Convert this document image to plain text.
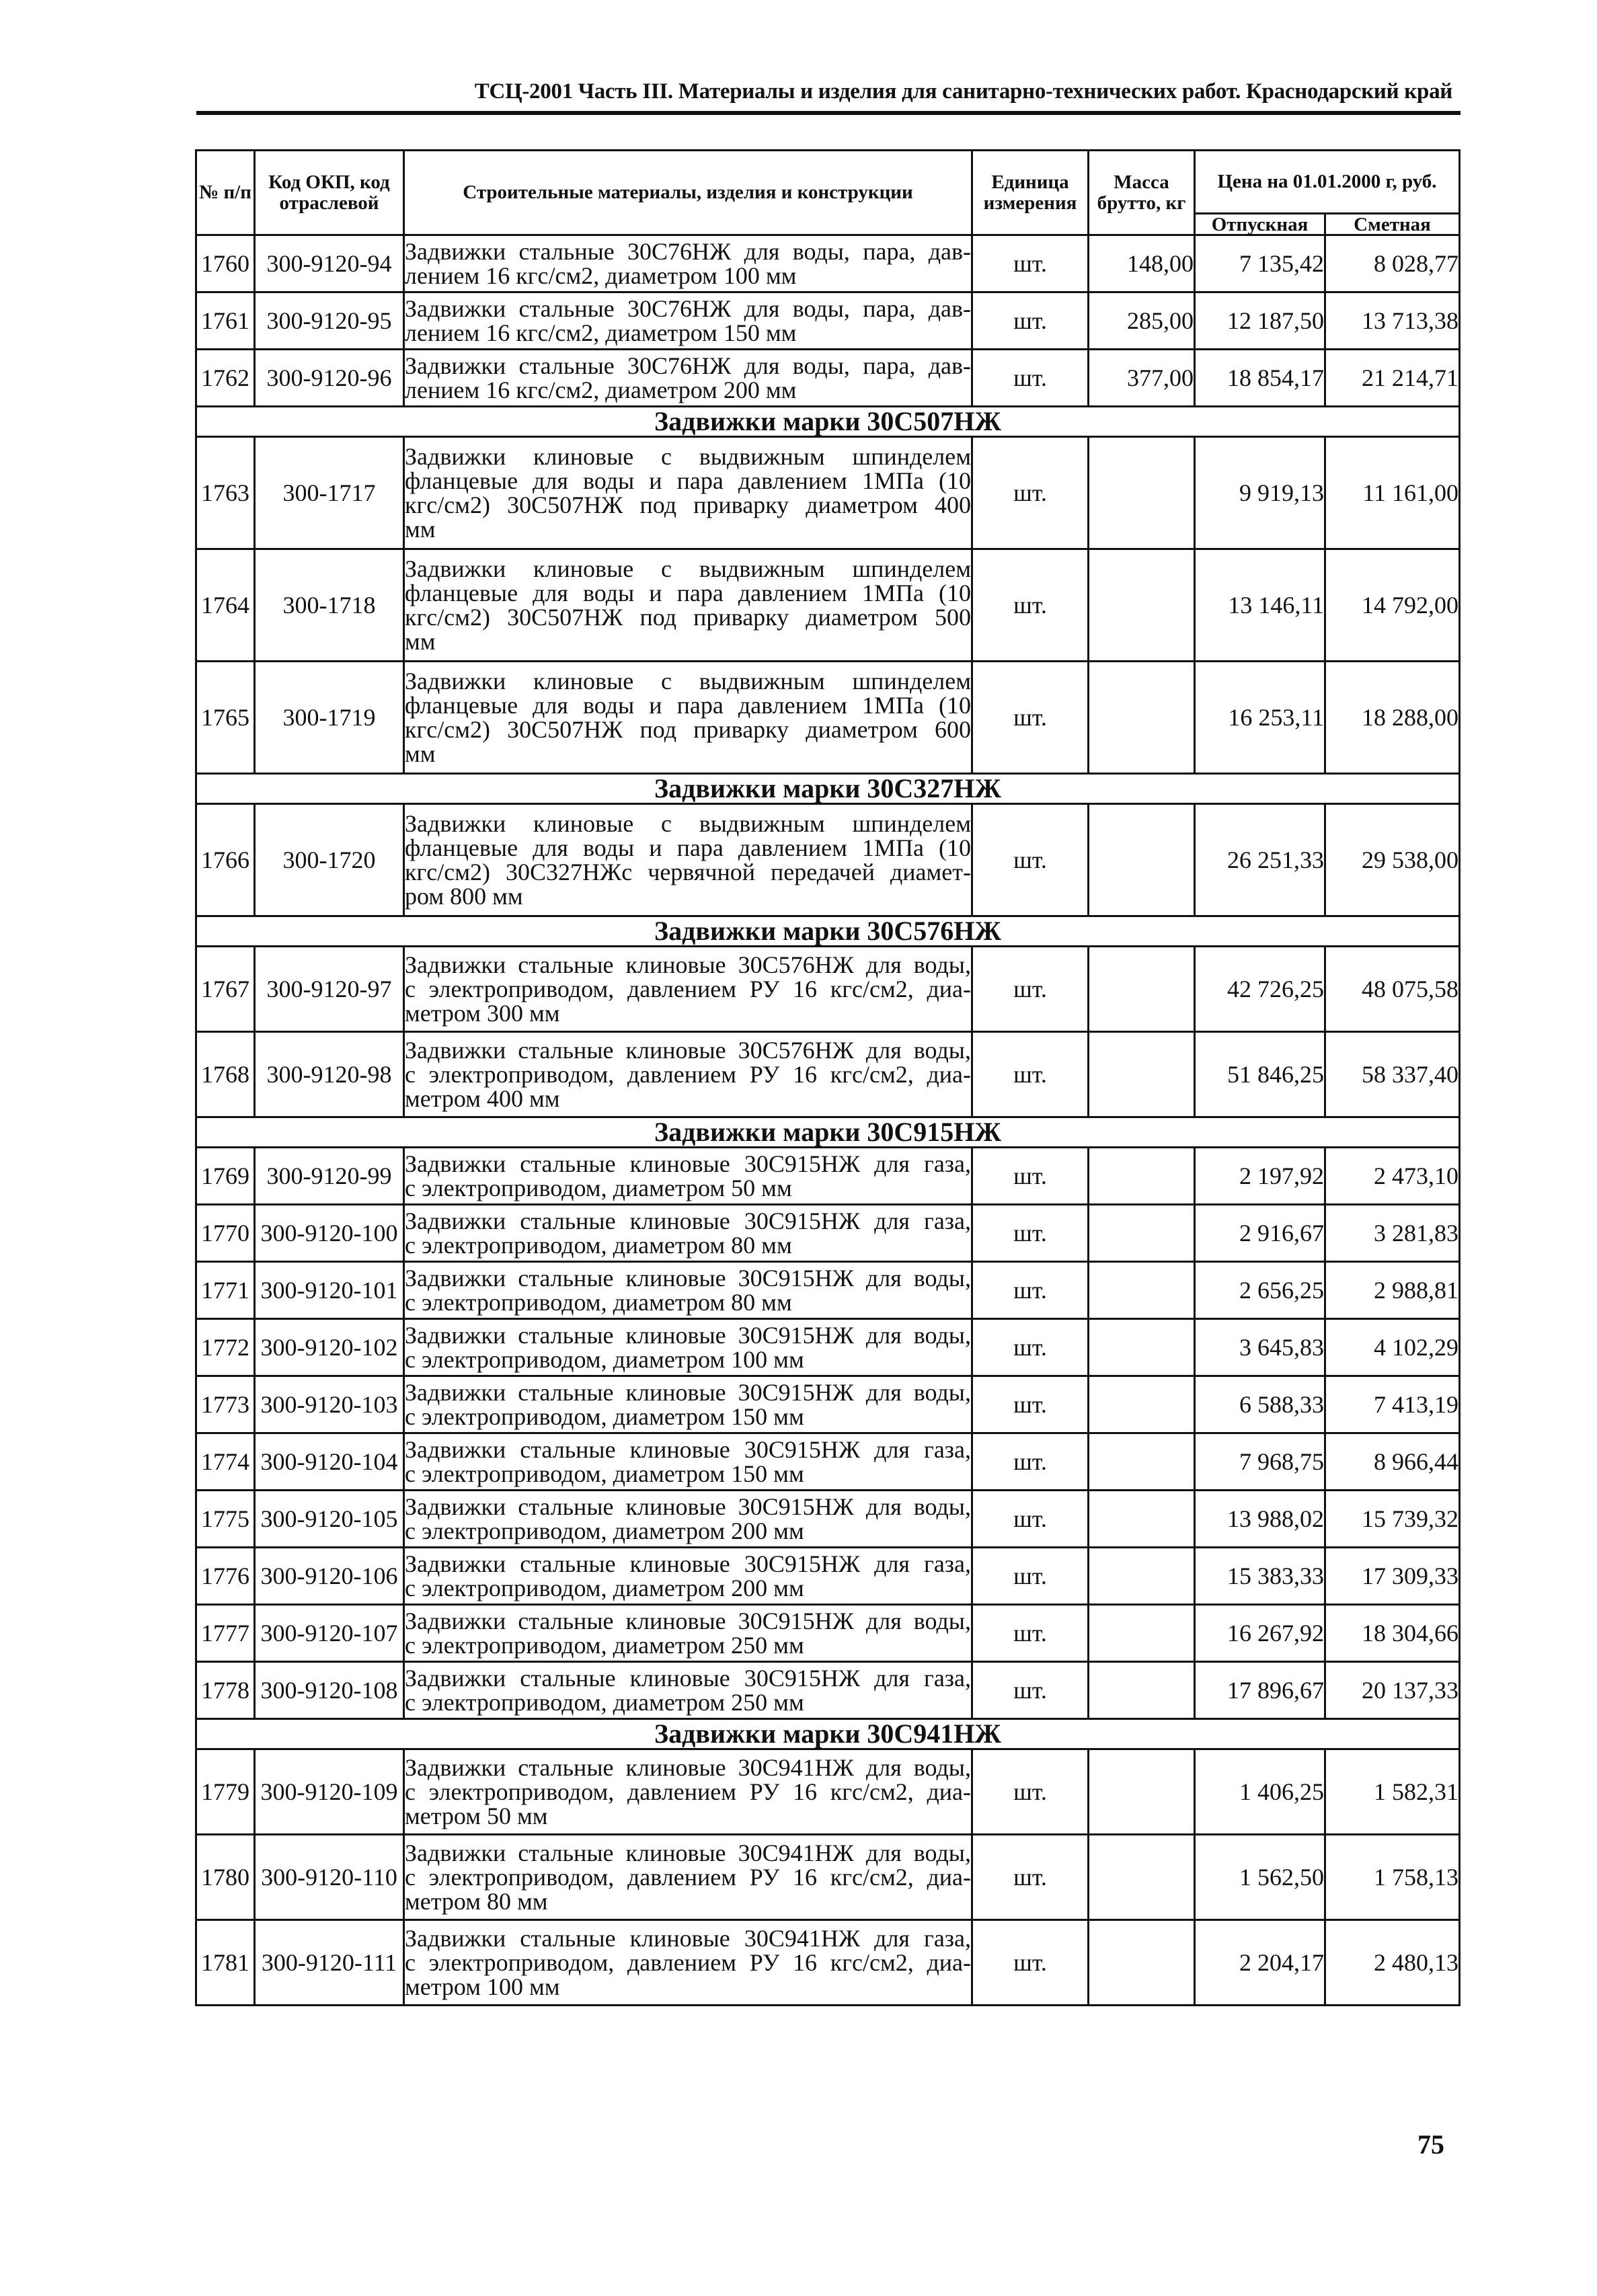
ТСЦ-2001 Часть III. Материалы и изделия для санитарно-технических работ. Краснодарский край
№ п/п	Код ОКП, код отраслевой	Строительные материалы, изделия и конструкции	Единица измерения	Масса брутто, кг	Цена на 01.01.2000 г, руб.	
					Отпускная	Сметная
1760	300-9120-94	Задвижки стальные 30С76НЖ для воды, пара, дав-
лением 16 кгс/см2, диаметром 100 мм	шт.	148,00	7 135,42	8 028,77
1761	300-9120-95	Задвижки стальные 30С76НЖ для воды, пара, дав-
лением 16 кгс/см2, диаметром 150 мм	шт.	285,00	12 187,50	13 713,38
1762	300-9120-96	Задвижки стальные 30С76НЖ для воды, пара, дав-
лением 16 кгс/см2, диаметром 200 мм	шт.	377,00	18 854,17	21 214,71
Задвижки марки 30С507НЖ						
1763	300-1717	Задвижки клиновые с выдвижным шпинделем
фланцевые для воды и пара давлением 1МПа (10
кгс/см2) 30С507НЖ под приварку диаметром 400
мм	шт.		9 919,13	11 161,00
1764	300-1718	Задвижки клиновые с выдвижным шпинделем
фланцевые для воды и пара давлением 1МПа (10
кгс/см2) 30С507НЖ под приварку диаметром 500
мм	шт.		13 146,11	14 792,00
1765	300-1719	Задвижки клиновые с выдвижным шпинделем
фланцевые для воды и пара давлением 1МПа (10
кгс/см2) 30С507НЖ под приварку диаметром 600
мм	шт.		16 253,11	18 288,00
Задвижки марки 30С327НЖ						
1766	300-1720	Задвижки клиновые с выдвижным шпинделем
фланцевые для воды и пара давлением 1МПа (10
кгс/см2) 30С327НЖс червячной передачей диамет-
ром 800 мм	шт.		26 251,33	29 538,00
Задвижки марки 30С576НЖ						
1767	300-9120-97	Задвижки стальные клиновые 30С576НЖ для воды,
с электроприводом, давлением РУ 16 кгс/см2, диа-
метром 300 мм	шт.		42 726,25	48 075,58
1768	300-9120-98	Задвижки стальные клиновые 30С576НЖ для воды,
с электроприводом, давлением РУ 16 кгс/см2, диа-
метром 400 мм	шт.		51 846,25	58 337,40
Задвижки марки 30С915НЖ						
1769	300-9120-99	Задвижки стальные клиновые 30С915НЖ для газа,
с электроприводом, диаметром 50 мм	шт.		2 197,92	2 473,10
1770	300-9120-100	Задвижки стальные клиновые 30С915НЖ для газа,
с электроприводом, диаметром 80 мм	шт.		2 916,67	3 281,83
1771	300-9120-101	Задвижки стальные клиновые 30С915НЖ для воды,
с электроприводом, диаметром 80 мм	шт.		2 656,25	2 988,81
1772	300-9120-102	Задвижки стальные клиновые 30С915НЖ для воды,
с электроприводом, диаметром 100 мм	шт.		3 645,83	4 102,29
1773	300-9120-103	Задвижки стальные клиновые 30С915НЖ для воды,
с электроприводом, диаметром 150 мм	шт.		6 588,33	7 413,19
1774	300-9120-104	Задвижки стальные клиновые 30С915НЖ для газа,
с электроприводом, диаметром 150 мм	шт.		7 968,75	8 966,44
1775	300-9120-105	Задвижки стальные клиновые 30С915НЖ для воды,
с электроприводом, диаметром 200 мм	шт.		13 988,02	15 739,32
1776	300-9120-106	Задвижки стальные клиновые 30С915НЖ для газа,
с электроприводом, диаметром 200 мм	шт.		15 383,33	17 309,33
1777	300-9120-107	Задвижки стальные клиновые 30С915НЖ для воды,
с электроприводом, диаметром 250 мм	шт.		16 267,92	18 304,66
1778	300-9120-108	Задвижки стальные клиновые 30С915НЖ для газа,
с электроприводом, диаметром 250 мм	шт.		17 896,67	20 137,33
Задвижки марки 30С941НЖ						
1779	300-9120-109	Задвижки стальные клиновые 30С941НЖ для воды,
с электроприводом, давлением РУ 16 кгс/см2, диа-
метром 50 мм	шт.		1 406,25	1 582,31
1780	300-9120-110	Задвижки стальные клиновые 30С941НЖ для воды,
с электроприводом, давлением РУ 16 кгс/см2, диа-
метром 80 мм	шт.		1 562,50	1 758,13
1781	300-9120-111	Задвижки стальные клиновые 30С941НЖ для газа,
с электроприводом, давлением РУ 16 кгс/см2, диа-
метром 100 мм	шт.		2 204,17	2 480,13
75
